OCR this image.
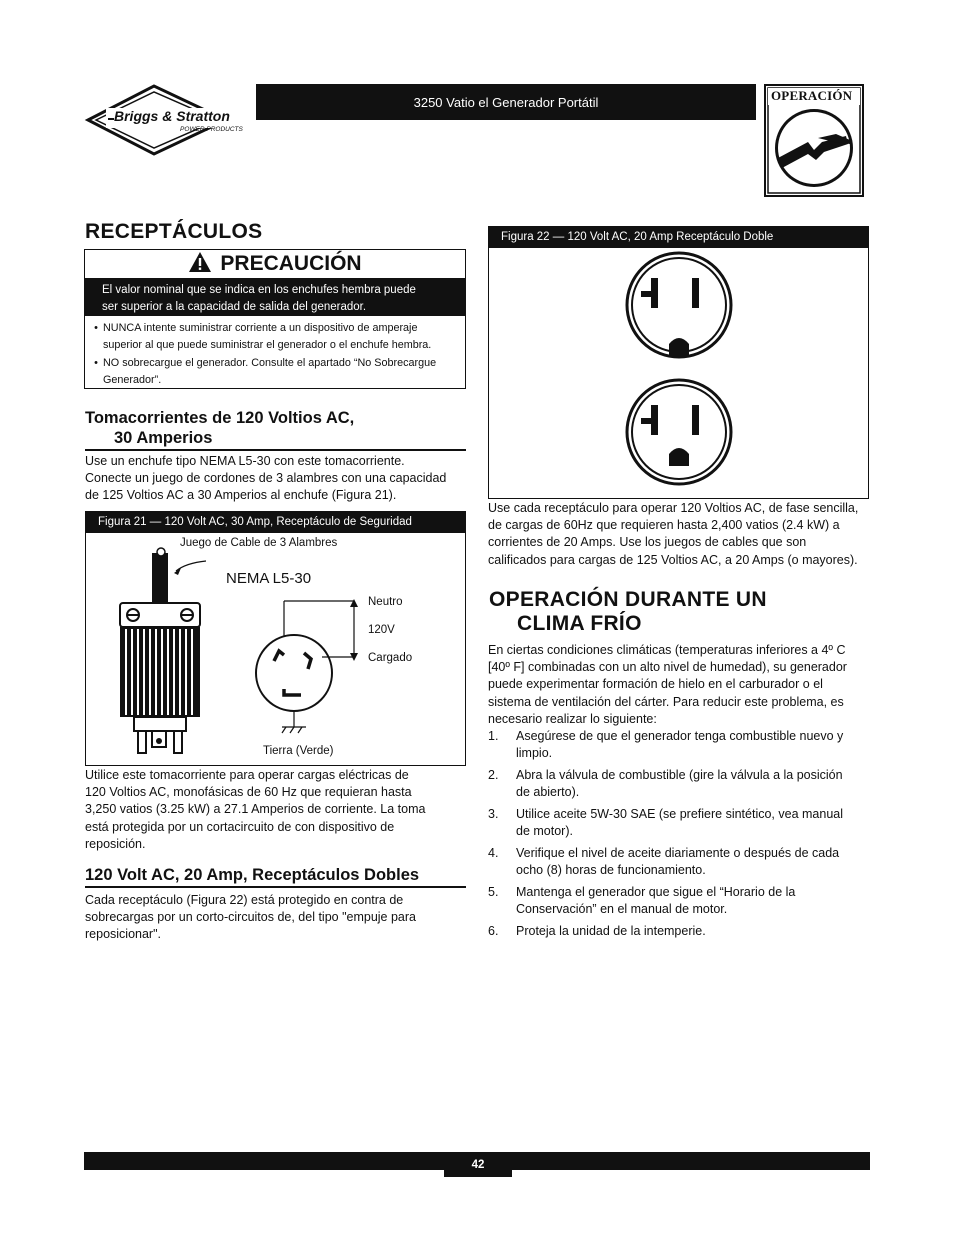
Briggs & Stratton
POWER PRODUCTS
3250 Vatio el Generador Portátil	OPERACIÓN
RECEPTÁCULOS
PRECAUCIÓN
El valor nominal que se indica en los enchufes hembra puede
ser superior a la capacidad de salida del generador.
• NUNCA intente suministrar corriente a un dispositivo de amperaje
superior al que puede suministrar el generador o el enchufe hembra.
• NO sobrecargue el generador. Consulte el apartado “No Sobrecargue
Generador”.
Tomacorrientes de 120 Voltios AC,
30 Amperios
Use un enchufe tipo NEMA L5-30 con este tomacorriente.
Conecte un juego de cordones de 3 alambres con una capacidad
de 125 Voltios AC a 30 Amperios al enchufe (Figura 21).
Figura 21 — 120 Volt AC, 30 Amp, Receptáculo de Seguridad
Juego de Cable de 3 Alambres
NEMA L5-30
Neutro
120V
Cargado
Tierra (Verde)
Utilice este tomacorriente para operar cargas eléctricas de
120 Voltios AC, monofásicas de 60 Hz que requieran hasta
3,250 vatios (3.25 kW) a 27.1 Amperios de corriente. La toma
está protegida por un cortacircuito de con dispositivo de
reposición.
120 Volt AC, 20 Amp, Receptáculos Dobles
Cada receptáculo (Figura 22) está protegido en contra de
sobrecargas por un corto-circuitos de, del tipo "empuje para
reposicionar".
Figura 22 — 120 Volt AC, 20 Amp Receptáculo Doble
Use cada receptáculo para operar 120 Voltios AC, de fase sencilla,
de cargas de 60Hz que requieren hasta 2,400 vatios (2.4 kW) a
corrientes de 20 Amps. Use los juegos de cables que son
calificados para cargas de 125 Voltios AC, a 20 Amps (o mayores).
OPERACIÓN DURANTE UN
CLIMA FRÍO
En ciertas condiciones climáticas (temperaturas inferiores a 4º C
[40º F] combinadas con un alto nivel de humedad), su generador
puede experimentar formación de hielo en el carburador o el
sistema de ventilación del cárter. Para reducir este problema, es
necesario realizar lo siguiente:
1.	Asegúrese de que el generador tenga combustible nuevo y
limpio.
2.	Abra la válvula de combustible (gire la válvula a la posición
de abierto).
3.	Utilice aceite 5W-30 SAE (se prefiere sintético, vea manual
de motor).
4.	Verifique el nivel de aceite diariamente o después de cada
ocho (8) horas de funcionamiento.
5.	Mantenga el generador que sigue el “Horario de la
Conservación” en el manual de motor.
6.	Proteja la unidad de la intemperie.
42
